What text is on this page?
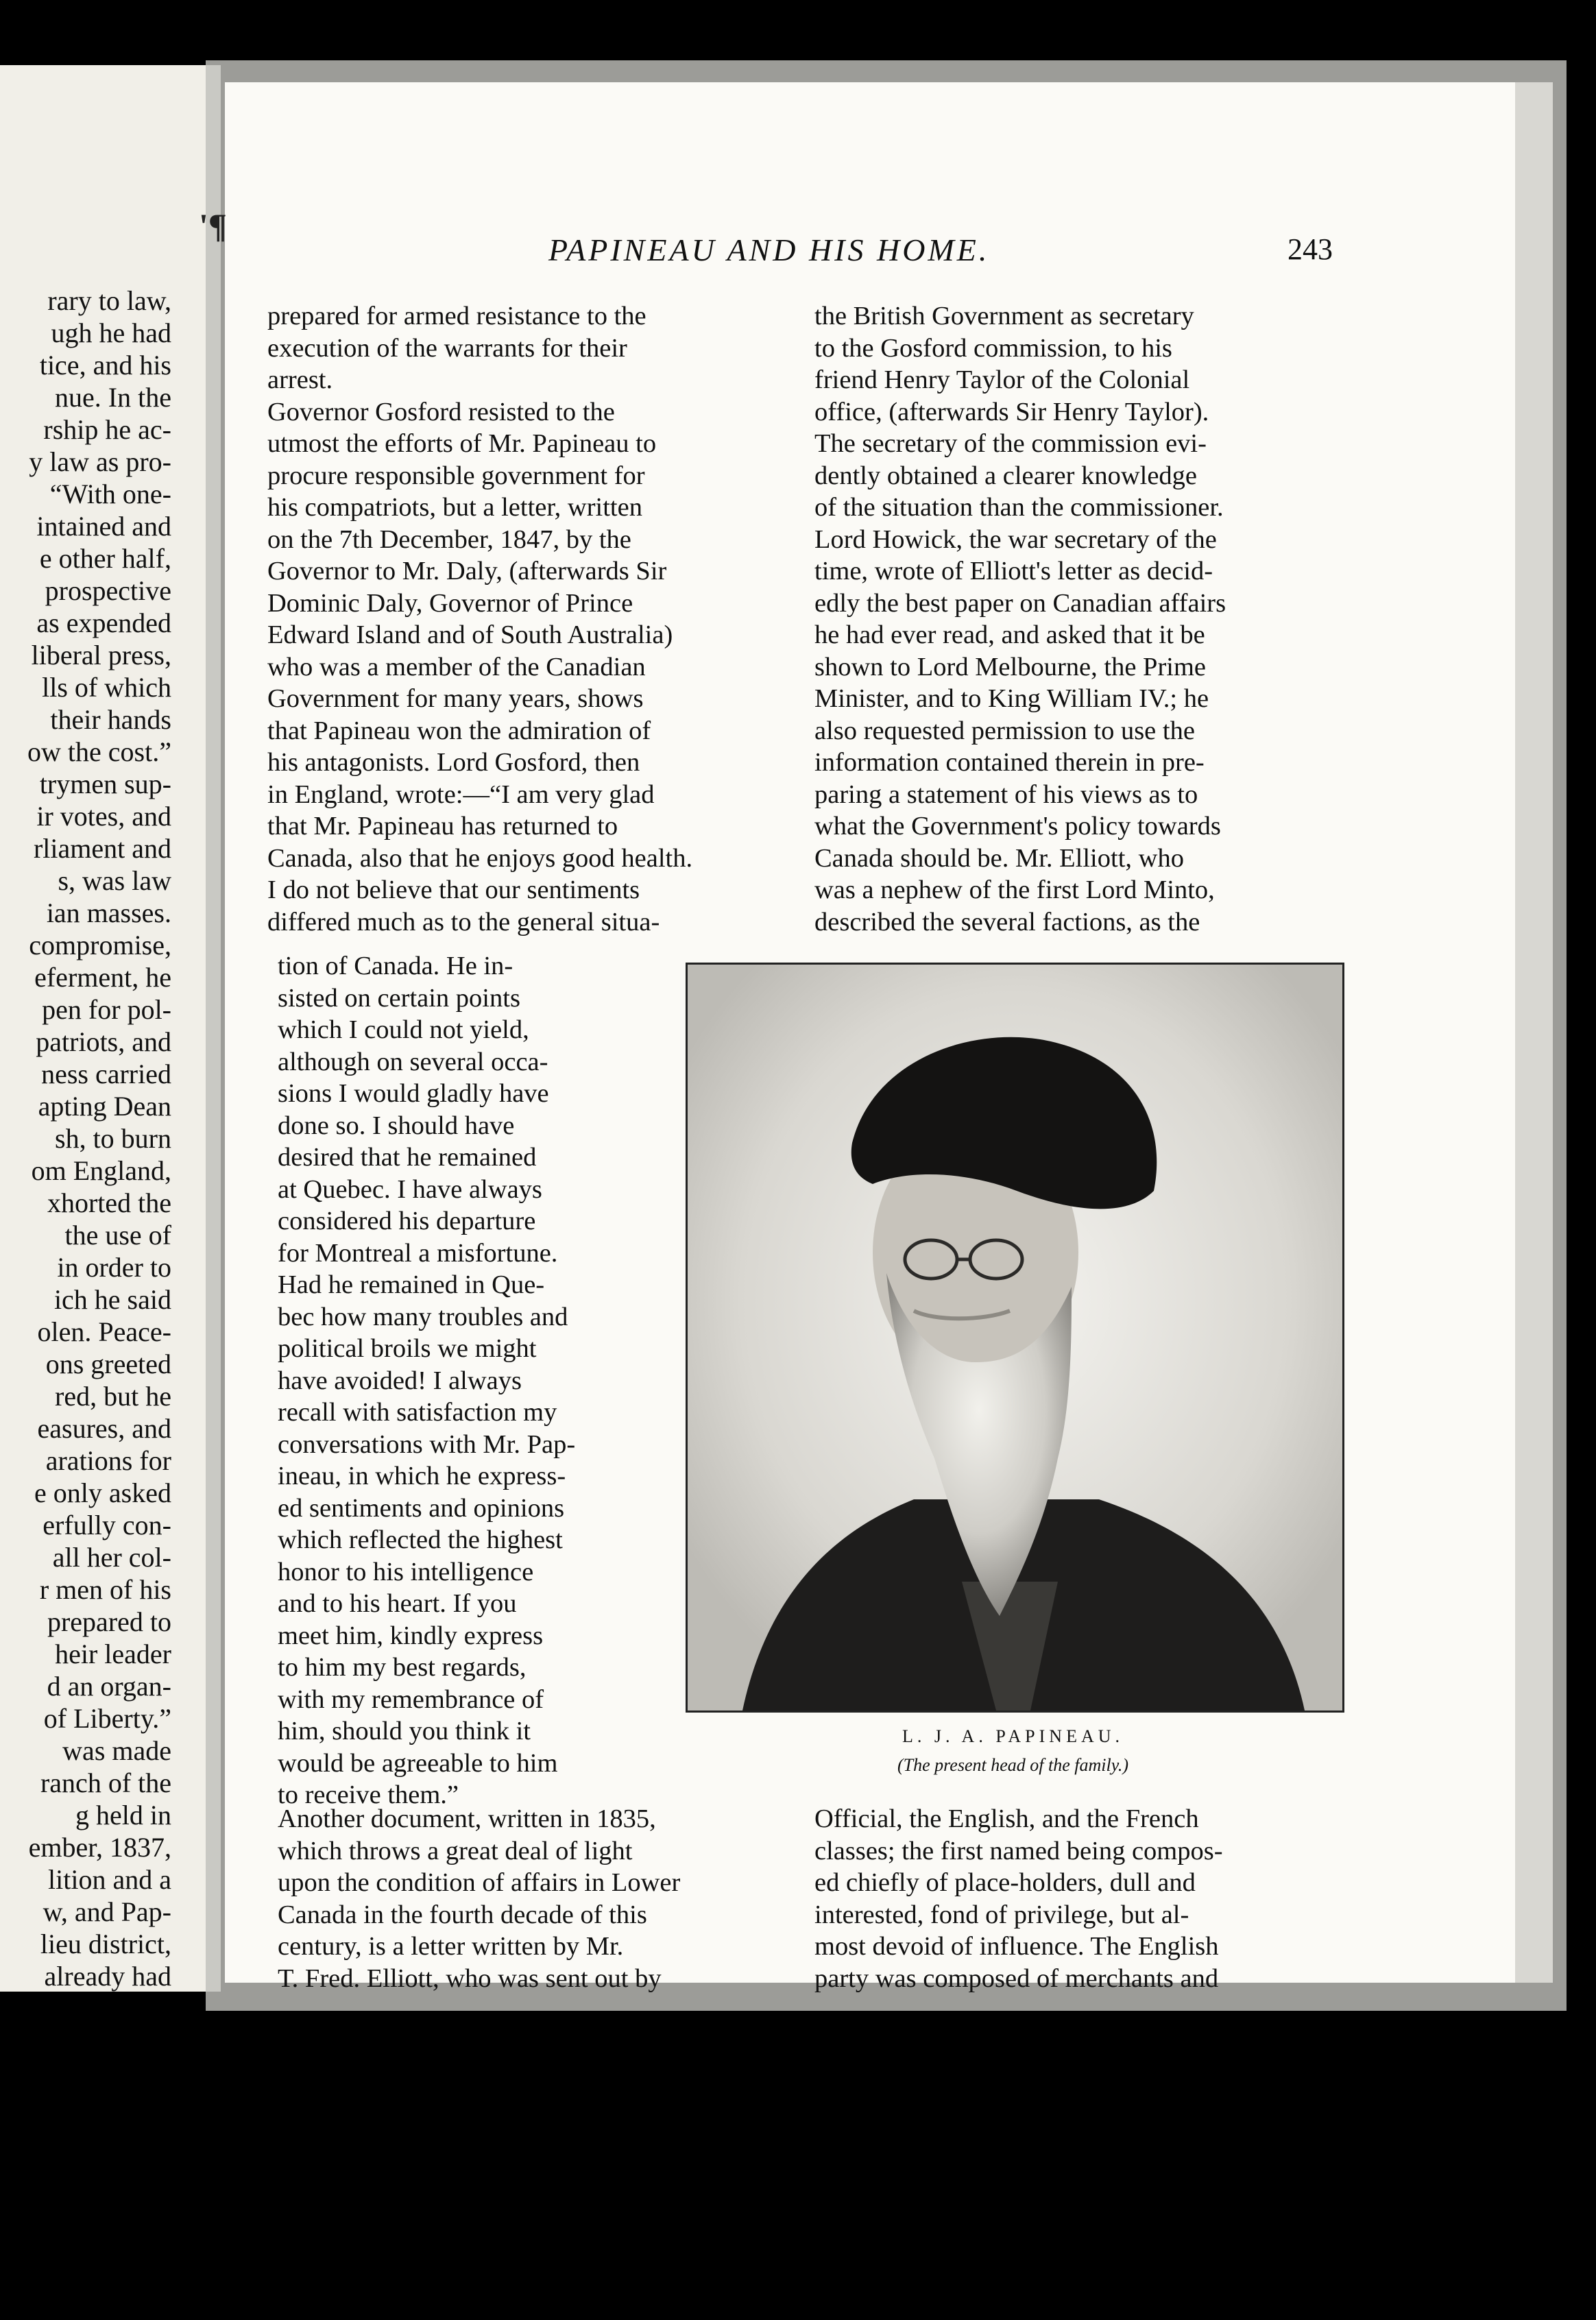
rary to law,
ugh he had
tice, and his
nue. In the
rship he ac-
y law as pro-
“With one-
intained and
e other half,
prospective
as expended
liberal press,
lls of which
their hands
ow the cost.”
trymen sup-
ir votes, and
rliament and
s, was law
ian masses.
compromise,
eferment, he
pen for pol-
patriots, and
ness carried
apting Dean
sh, to burn
om England,
xhorted the
the use of
in order to
ich he said
olen. Peace-
ons greeted
red, but he
easures, and
arations for
e only asked
erfully con-
all her col-
r men of his
prepared to
heir leader
d an organ-
of Liberty.”
was made
ranch of the
g held in
ember, 1837,
lition and a
w, and Pap-
lieu district,
already had
'¶
PAPINEAU AND HIS HOME.	243
prepared for armed resistance to the
execution of the warrants for their
arrest.
Governor Gosford resisted to the
utmost the efforts of Mr. Papineau to
procure responsible government for
his compatriots, but a letter, written
on the 7th December, 1847, by the
Governor to Mr. Daly, (afterwards Sir
Dominic Daly, Governor of Prince
Edward Island and of South Australia)
who was a member of the Canadian
Government for many years, shows
that Papineau won the admiration of
his antagonists. Lord Gosford, then
in England, wrote:—“I am very glad
that Mr. Papineau has returned to
Canada, also that he enjoys good health.
I do not believe that our sentiments
differed much as to the general situa-
tion of Canada. He in-
sisted on certain points
which I could not yield,
although on several occa-
sions I would gladly have
done so. I should have
desired that he remained
at Quebec. I have always
considered his departure
for Montreal a misfortune.
Had he remained in Que-
bec how many troubles and
political broils we might
have avoided! I always
recall with satisfaction my
conversations with Mr. Pap-
ineau, in which he express-
ed sentiments and opinions
which reflected the highest
honor to his intelligence
and to his heart. If you
meet him, kindly express
to him my best regards,
with my remembrance of
him, should you think it
would be agreeable to him
to receive them.”
Another document, written in 1835,
which throws a great deal of light
upon the condition of affairs in Lower
Canada in the fourth decade of this
century, is a letter written by Mr.
T. Fred. Elliott, who was sent out by
the British Government as secretary
to the Gosford commission, to his
friend Henry Taylor of the Colonial
office, (afterwards Sir Henry Taylor).
The secretary of the commission evi-
dently obtained a clearer knowledge
of the situation than the commissioner.
Lord Howick, the war secretary of the
time, wrote of Elliott's letter as decid-
edly the best paper on Canadian affairs
he had ever read, and asked that it be
shown to Lord Melbourne, the Prime
Minister, and to King William IV.; he
also requested permission to use the
information contained therein in pre-
paring a statement of his views as to
what the Government's policy towards
Canada should be. Mr. Elliott, who
was a nephew of the first Lord Minto,
described the several factions, as the
Official, the English, and the French
classes; the first named being compos-
ed chiefly of place-holders, dull and
interested, fond of privilege, but al-
most devoid of influence. The English
party was composed of merchants and
L. J. A. PAPINEAU.
(The present head of the family.)
